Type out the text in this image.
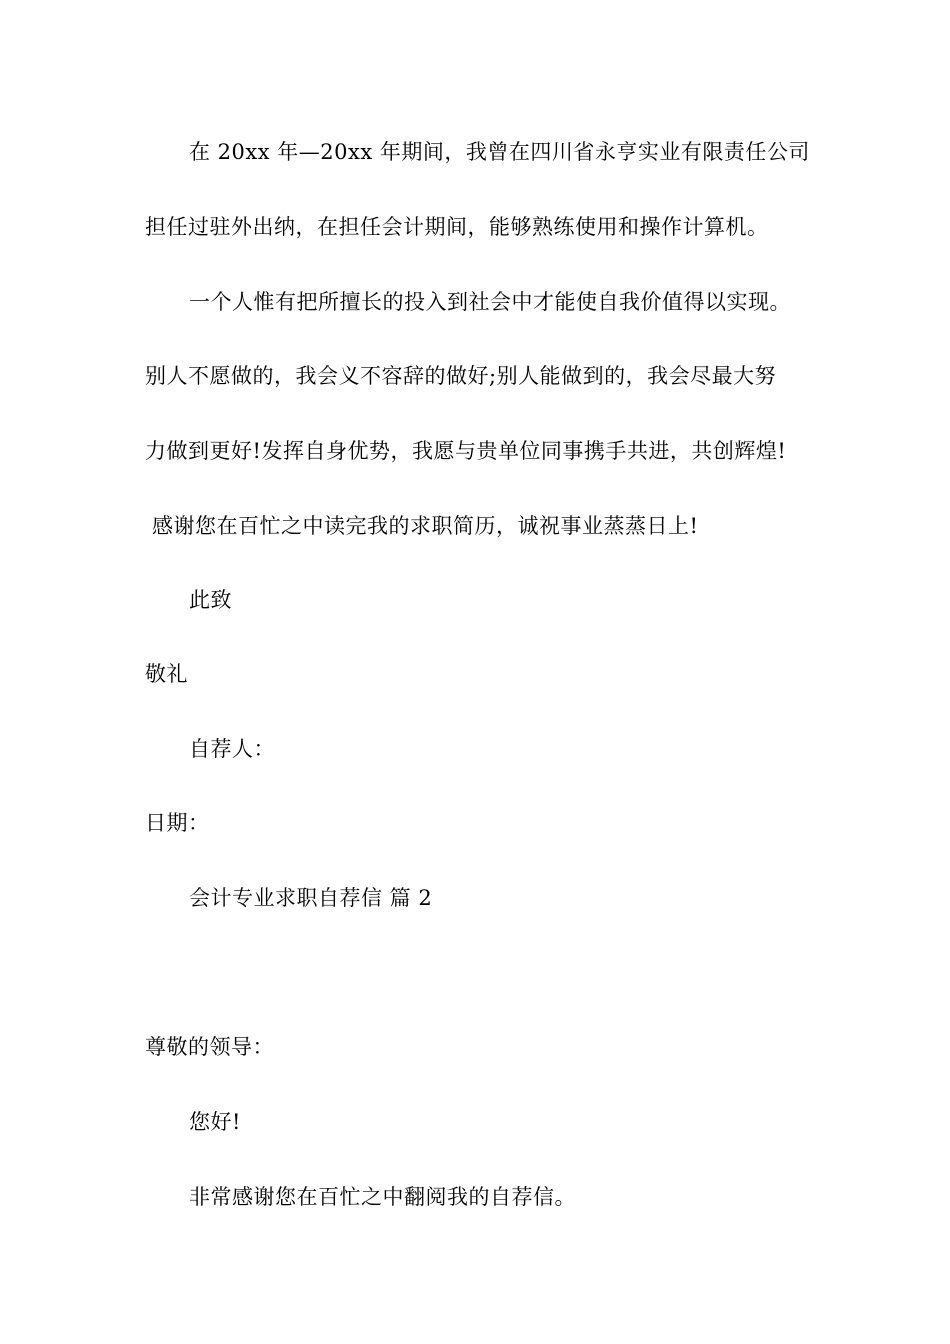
在 20xx 年—20xx 年期间，我曾在四川省永亨实业有限责任公司
担任过驻外出纳，在担任会计期间，能够熟练使用和操作计算机。
一个人惟有把所擅长的投入到社会中才能使自我价值得以实现。
别人不愿做的，我会义不容辞的做好;别人能做到的，我会尽最大努
力做到更好!发挥自身优势，我愿与贵单位同事携手共进，共创辉煌!
感谢您在百忙之中读完我的求职简历，诚祝事业蒸蒸日上!
此致
敬礼
自荐人：
日期：
会计专业求职自荐信 篇 2
尊敬的领导：
您好!
非常感谢您在百忙之中翻阅我的自荐信。
